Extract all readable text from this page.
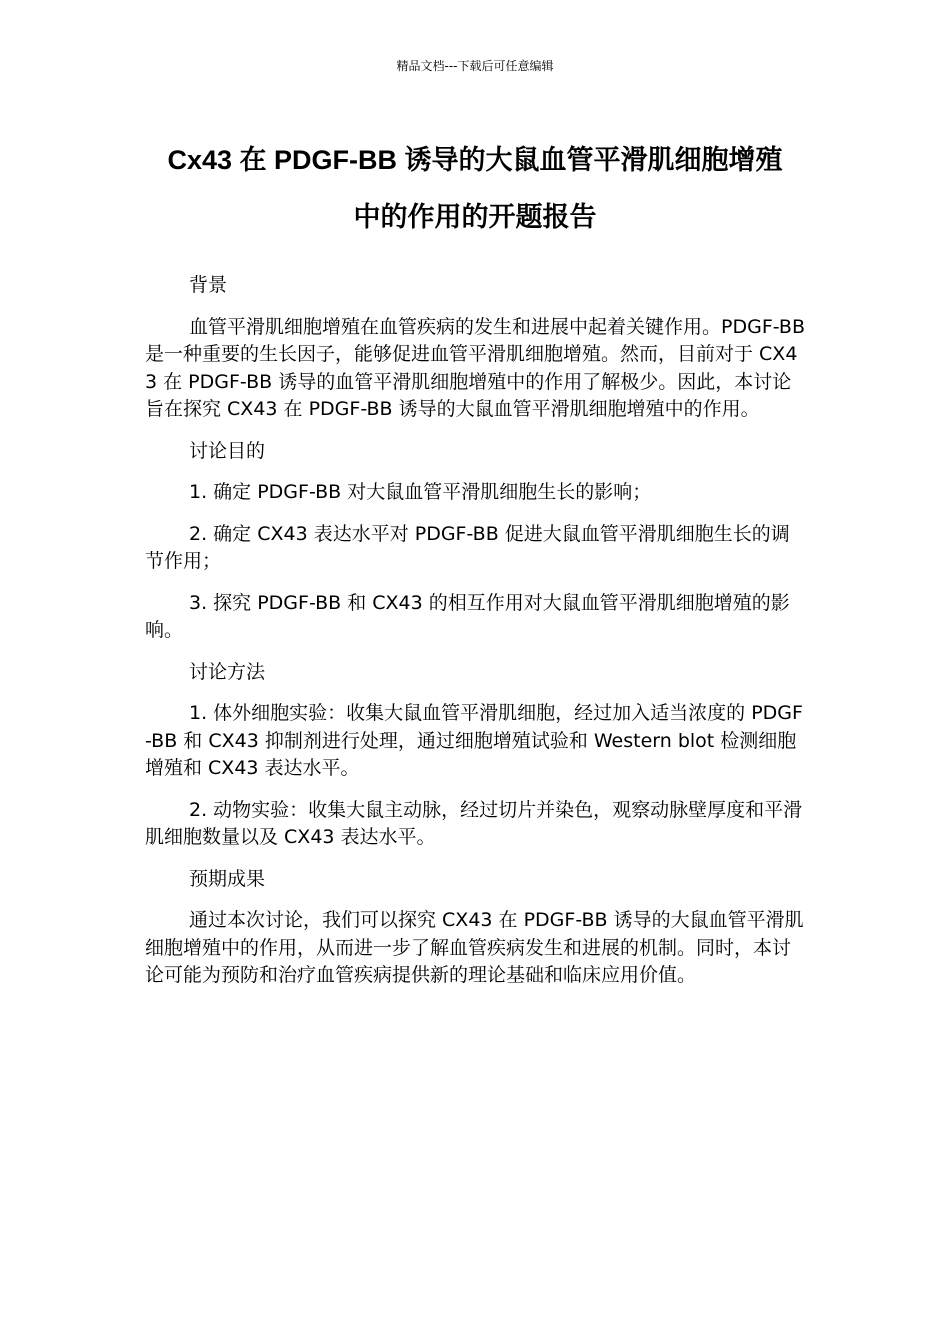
精品文档---下载后可任意编辑
Cx43 在 PDGF-BB 诱导的大鼠血管平滑肌细胞增殖
中的作用的开题报告

背景

血管平滑肌细胞增殖在血管疾病的发生和进展中起着关键作用。PDGF-BB 是一种重要的生长因子，能够促进血管平滑肌细胞增殖。然而，目前对于 CX43 在 PDGF-BB 诱导的血管平滑肌细胞增殖中的作用了解极少。因此，本讨论旨在探究 CX43 在 PDGF-BB 诱导的大鼠血管平滑肌细胞增殖中的作用。

讨论目的

1. 确定 PDGF-BB 对大鼠血管平滑肌细胞生长的影响；

2. 确定 CX43 表达水平对 PDGF-BB 促进大鼠血管平滑肌细胞生长的调节作用；

3. 探究 PDGF-BB 和 CX43 的相互作用对大鼠血管平滑肌细胞增殖的影响。

讨论方法

1. 体外细胞实验：收集大鼠血管平滑肌细胞，经过加入适当浓度的 PDGF-BB 和 CX43 抑制剂进行处理，通过细胞增殖试验和 Western blot 检测细胞增殖和 CX43 表达水平。

2. 动物实验：收集大鼠主动脉，经过切片并染色，观察动脉壁厚度和平滑肌细胞数量以及 CX43 表达水平。

预期成果

通过本次讨论，我们可以探究 CX43 在 PDGF-BB 诱导的大鼠血管平滑肌细胞增殖中的作用，从而进一步了解血管疾病发生和进展的机制。同时，本讨论可能为预防和治疗血管疾病提供新的理论基础和临床应用价值。
